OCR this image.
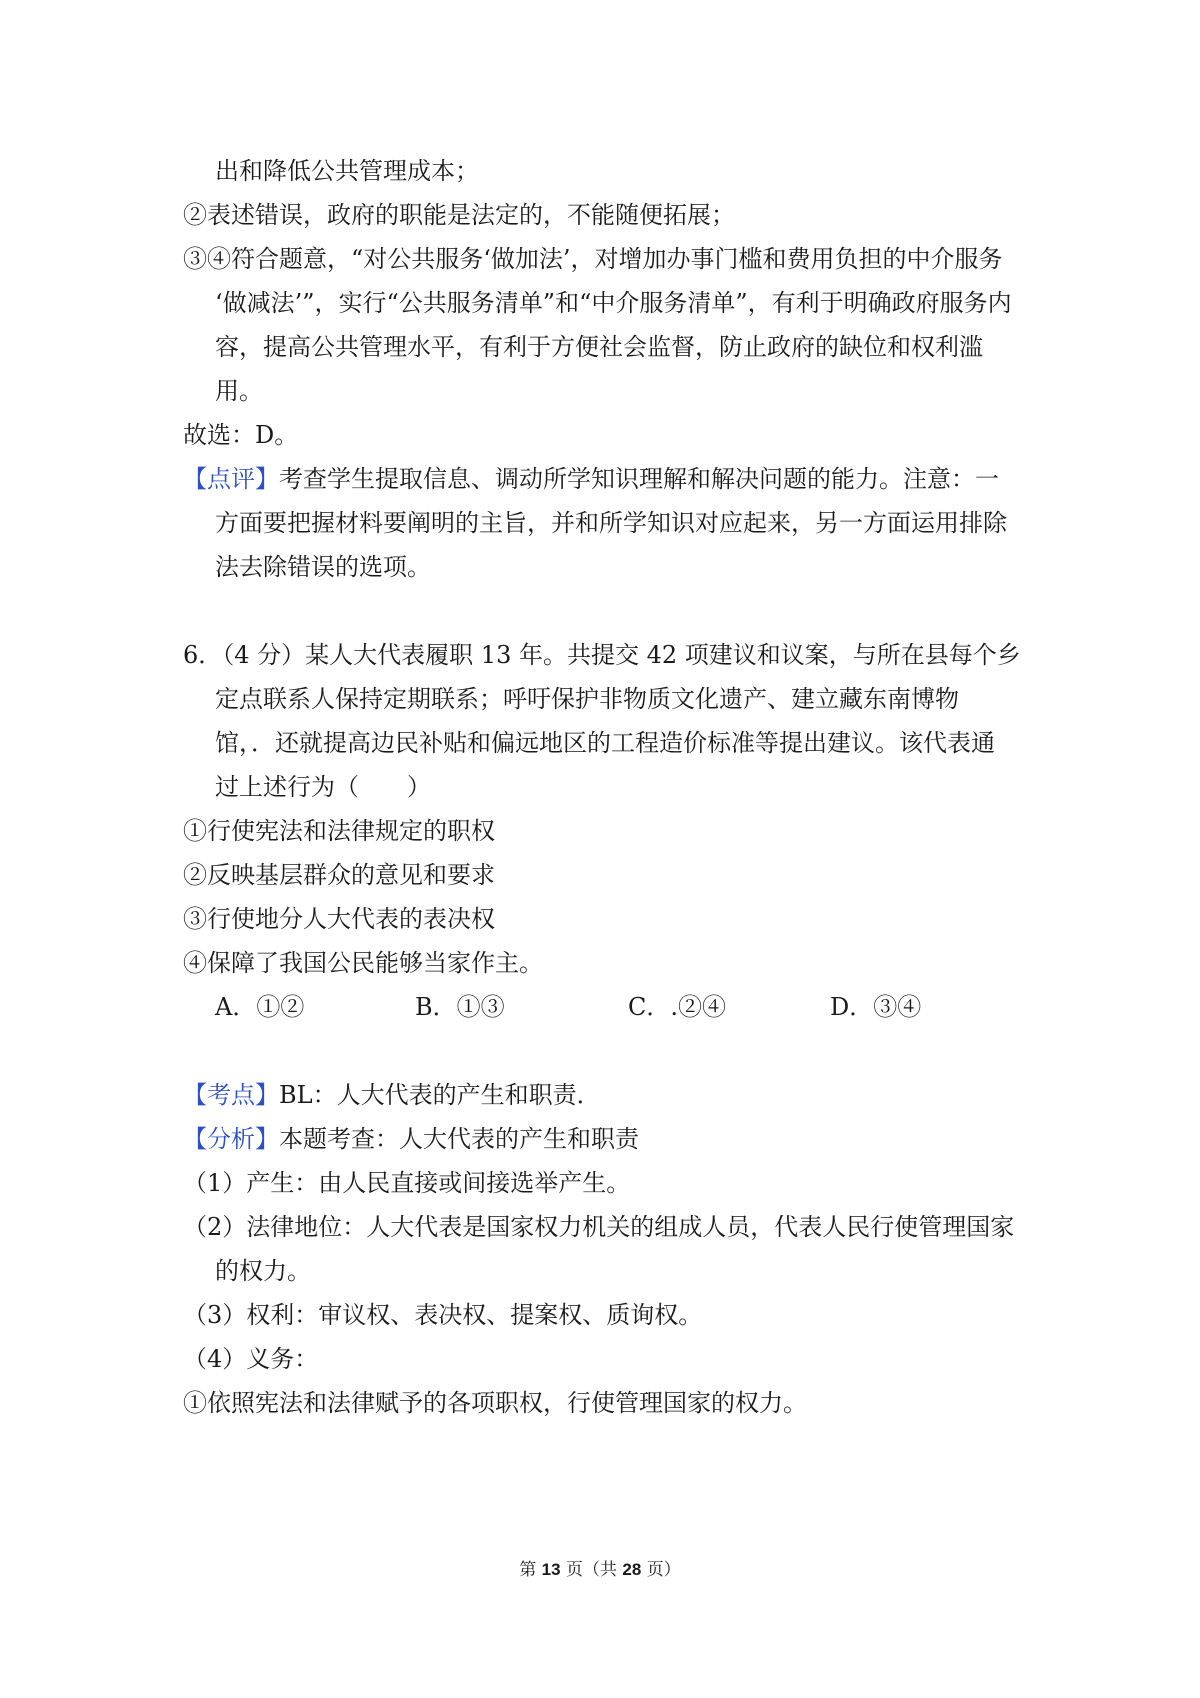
出和降低公共管理成本；
②表述错误，政府的职能是法定的，不能随便拓展；
③④符合题意，“对公共服务‘做加法’，对增加办事门槛和费用负担的中介服务
‘做减法’”，实行“公共服务清单”和“中介服务清单”，有利于明确政府服务内
容，提高公共管理水平，有利于方便社会监督，防止政府的缺位和权利滥
用。
故选：D。
【点评】考查学生提取信息、调动所学知识理解和解决问题的能力。注意：一
方面要把握材料要阐明的主旨，并和所学知识对应起来，另一方面运用排除
法去除错误的选项。
6．（4 分）某人大代表履职 13 年。共提交 42 项建议和议案，与所在县每个乡
定点联系人保持定期联系；呼吁保护非物质文化遗产、建立藏东南博物
馆，．还就提高边民补贴和偏远地区的工程造价标准等提出建议。该代表通
过上述行为（　　）
①行使宪法和法律规定的职权
②反映基层群众的意见和要求
③行使地分人大代表的表决权
④保障了我国公民能够当家作主。
A．①②	B．①③	C．.②④	D．③④
【考点】BL：人大代表的产生和职责．
【分析】本题考查：人大代表的产生和职责
（1）产生：由人民直接或间接选举产生。
（2）法律地位：人大代表是国家权力机关的组成人员，代表人民行使管理国家
的权力。
（3）权利：审议权、表决权、提案权、质询权。
（4）义务：
①依照宪法和法律赋予的各项职权，行使管理国家的权力。
第 13 页（共 28 页）
